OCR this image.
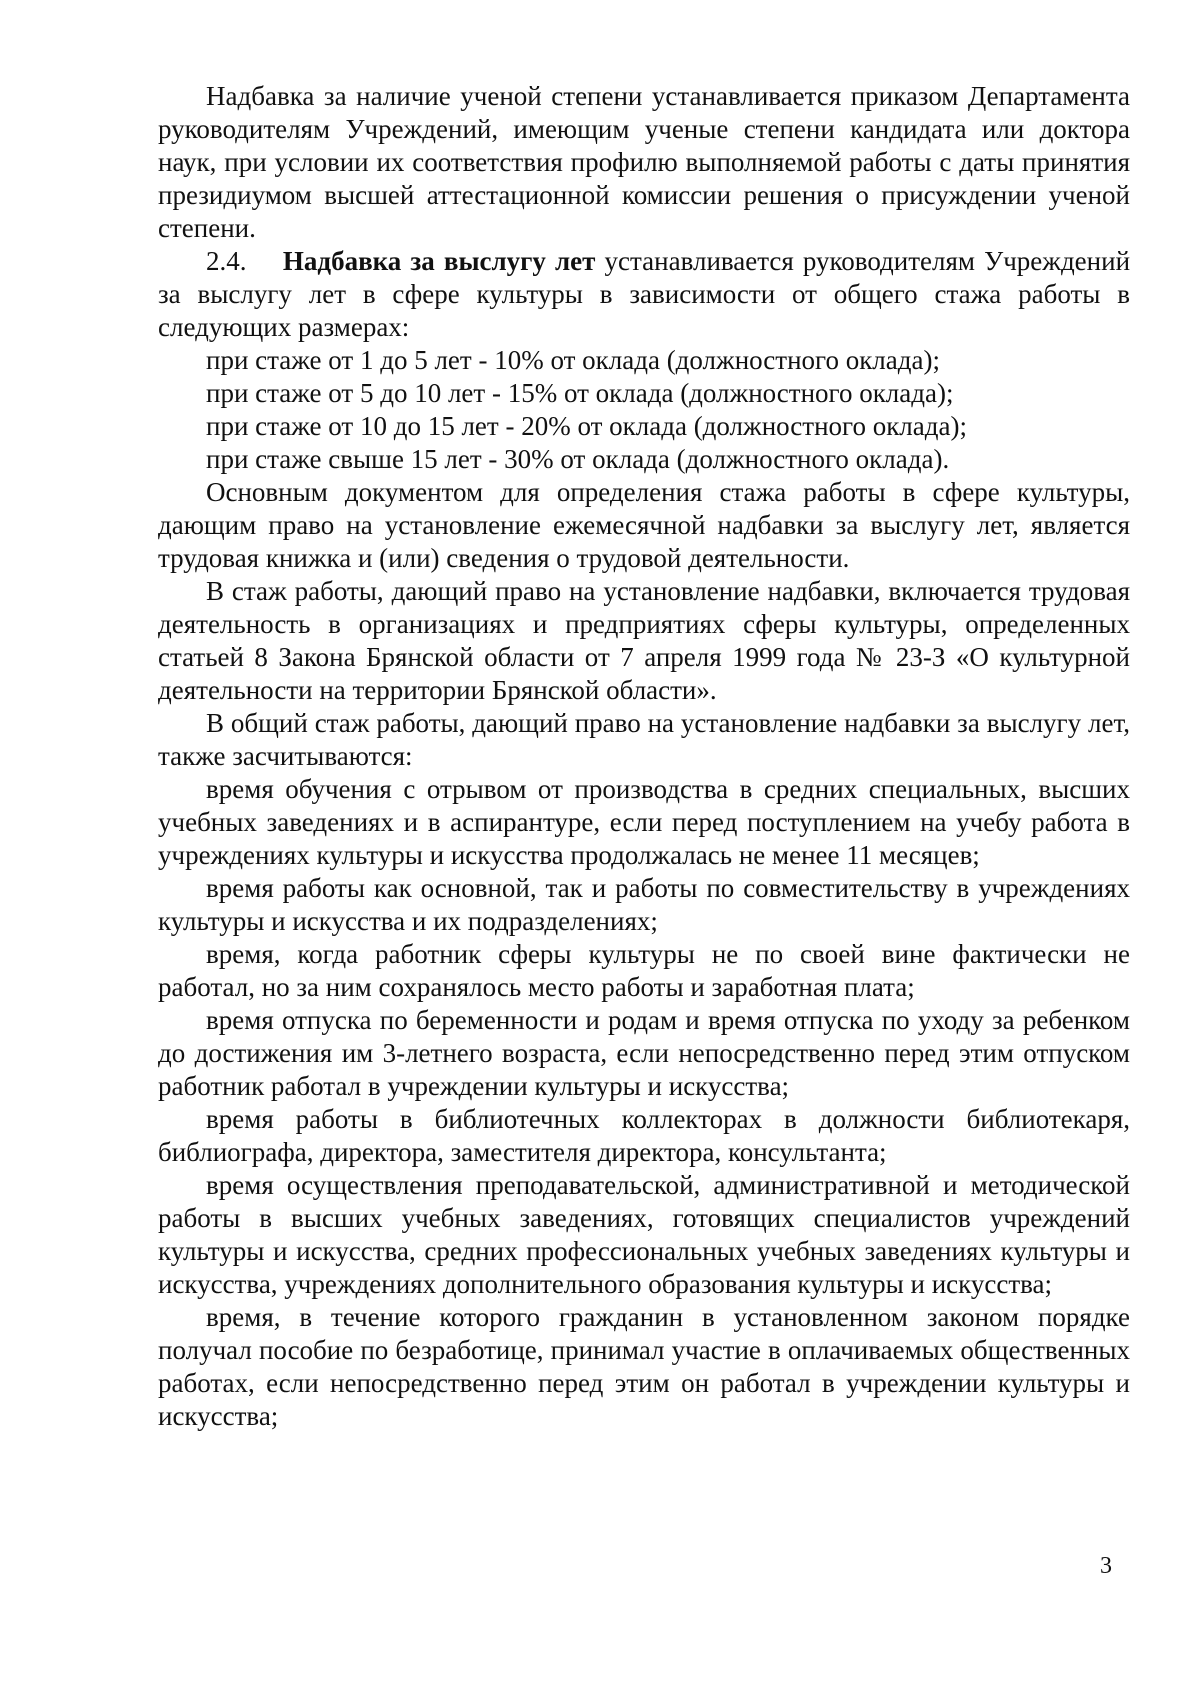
Надбавка за наличие ученой степени устанавливается приказом Департамента руководителям Учреждений, имеющим ученые степени кандидата или доктора наук, при условии их соответствия профилю выполняемой работы с даты принятия президиумом высшей аттестационной комиссии решения о присуждении ученой степени.

2.4. Надбавка за выслугу лет устанавливается руководителям Учреждений за выслугу лет в сфере культуры в зависимости от общего стажа работы в следующих размерах:

при стаже от 1 до 5 лет - 10% от оклада (должностного оклада);

при стаже от 5 до 10 лет - 15% от оклада (должностного оклада);

при стаже от 10 до 15 лет - 20% от оклада (должностного оклада);

при стаже свыше 15 лет - 30% от оклада (должностного оклада).

Основным документом для определения стажа работы в сфере культуры, дающим право на установление ежемесячной надбавки за выслугу лет, является трудовая книжка и (или) сведения о трудовой деятельности.

В стаж работы, дающий право на установление надбавки, включается трудовая деятельность в организациях и предприятиях сферы культуры, определенных статьей 8 Закона Брянской области от 7 апреля 1999 года № 23-З «О культурной деятельности на территории Брянской области».

В общий стаж работы, дающий право на установление надбавки за выслугу лет, также засчитываются:

время обучения с отрывом от производства в средних специальных, высших учебных заведениях и в аспирантуре, если перед поступлением на учебу работа в учреждениях культуры и искусства продолжалась не менее 11 месяцев;

время работы как основной, так и работы по совместительству в учреждениях культуры и искусства и их подразделениях;

время, когда работник сферы культуры не по своей вине фактически не работал, но за ним сохранялось место работы и заработная плата;

время отпуска по беременности и родам и время отпуска по уходу за ребенком до достижения им 3-летнего возраста, если непосредственно перед этим отпуском работник работал в учреждении культуры и искусства;

время работы в библиотечных коллекторах в должности библиотекаря, библиографа, директора, заместителя директора, консультанта;

время осуществления преподавательской, административной и методической работы в высших учебных заведениях, готовящих специалистов учреждений культуры и искусства, средних профессиональных учебных заведениях культуры и искусства, учреждениях дополнительного образования культуры и искусства;

время, в течение которого гражданин в установленном законом порядке получал пособие по безработице, принимал участие в оплачиваемых общественных работах, если непосредственно перед этим он работал в учреждении культуры и искусства;

3
